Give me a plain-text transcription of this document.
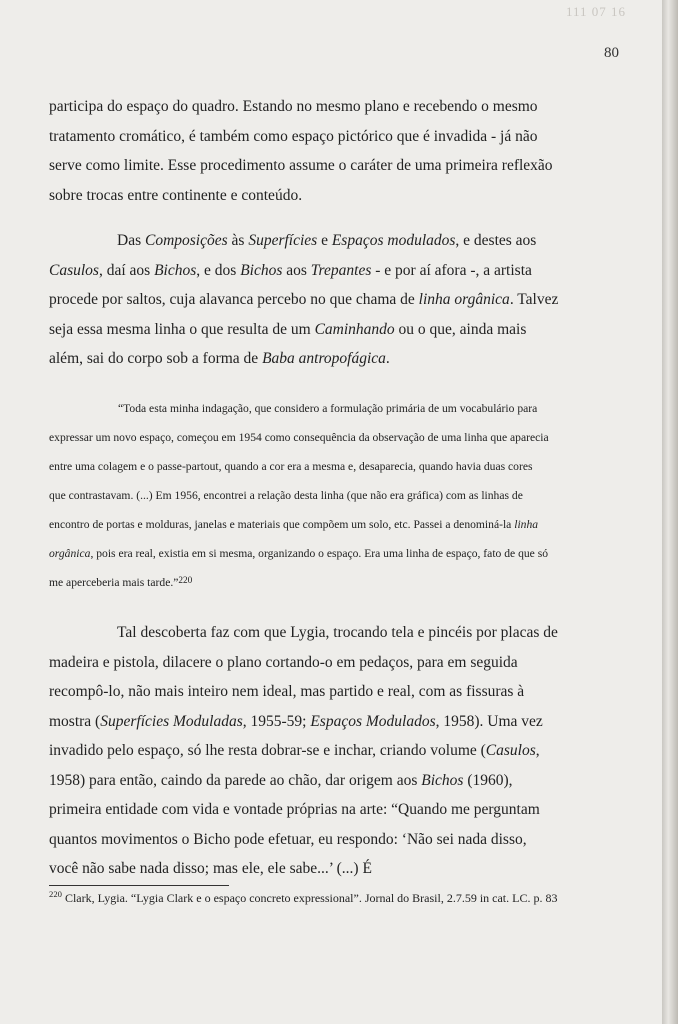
111 07 16
80

participa do espaço do quadro. Estando no mesmo plano e recebendo o mesmo tratamento cromático, é também como espaço pictórico que é invadida - já não serve como limite. Esse procedimento assume o caráter de uma primeira reflexão sobre trocas entre continente e conteúdo.

Das Composições às Superfícies e Espaços modulados, e destes aos Casulos, daí aos Bichos, e dos Bichos aos Trepantes - e por aí afora -, a artista procede por saltos, cuja alavanca percebo no que chama de linha orgânica. Talvez seja essa mesma linha o que resulta de um Caminhando ou o que, ainda mais além, sai do corpo sob a forma de Baba antropofágica.

“Toda esta minha indagação, que considero a formulação primária de um vocabulário para expressar um novo espaço, começou em 1954 como consequência da observação de uma linha que aparecia entre uma colagem e o passe-partout, quando a cor era a mesma e, desaparecia, quando havia duas cores que contrastavam. (...) Em 1956, encontrei a relação desta linha (que não era gráfica) com as linhas de encontro de portas e molduras, janelas e materiais que compõem um solo, etc. Passei a denominá-la linha orgânica, pois era real, existia em si mesma, organizando o espaço. Era uma linha de espaço, fato de que só me aperceberia mais tarde.”$^{220}$

Tal descoberta faz com que Lygia, trocando tela e pincéis por placas de madeira e pistola, dilacere o plano cortando-o em pedaços, para em seguida recompô-lo, não mais inteiro nem ideal, mas partido e real, com as fissuras à mostra (Superfícies Moduladas, 1955-59; Espaços Modulados, 1958). Uma vez invadido pelo espaço, só lhe resta dobrar-se e inchar, criando volume (Casulos, 1958) para então, caindo da parede ao chão, dar origem aos Bichos (1960), primeira entidade com vida e vontade próprias na arte: “Quando me perguntam quantos movimentos o Bicho pode efetuar, eu respondo: ‘Não sei nada disso, você não sabe nada disso; mas ele, ele sabe...’ (...) É

$^{220}$ Clark, Lygia. “Lygia Clark e o espaço concreto expressional”. Jornal do Brasil, 2.7.59 in cat. LC. p. 83
